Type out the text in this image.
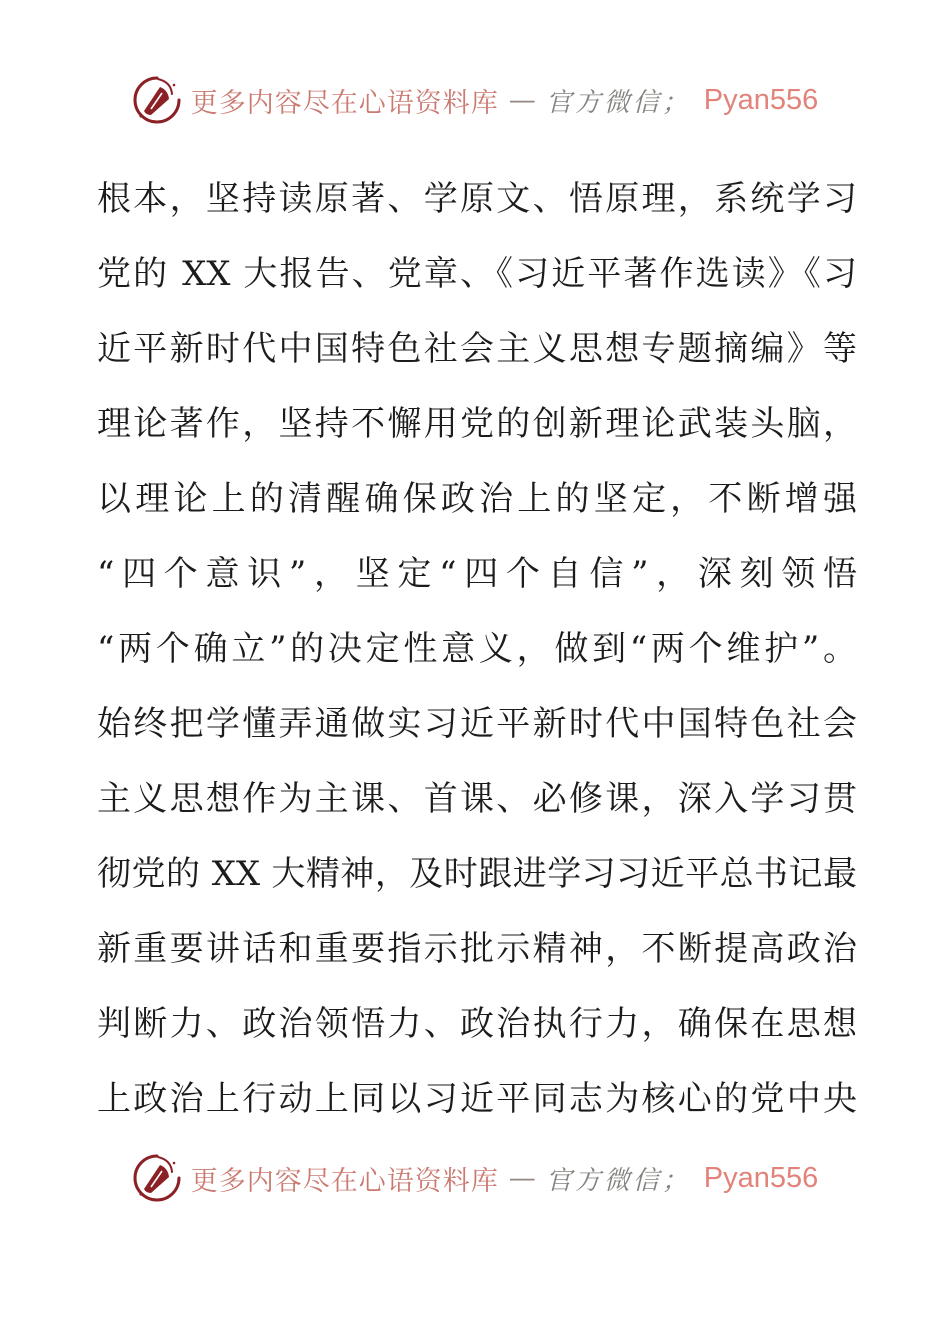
更多内容尽在心语资料库 — 官方微信； Pyan556
根本，坚持读原著、学原文、悟原理，系统学习
党的 XX 大报告、党章、《习近平著作选读》《习
近平新时代中国特色社会主义思想专题摘编》等
理论著作，坚持不懈用党的创新理论武装头脑，
以理论上的清醒确保政治上的坚定，不断增强
“四个意识”，坚定“四个自信”，深刻领悟
“两个确立”的决定性意义，做到“两个维护”。
始终把学懂弄通做实习近平新时代中国特色社会
主义思想作为主课、首课、必修课，深入学习贯
彻党的 XX 大精神，及时跟进学习习近平总书记最
新重要讲话和重要指示批示精神，不断提高政治
判断力、政治领悟力、政治执行力，确保在思想
上政治上行动上同以习近平同志为核心的党中央
更多内容尽在心语资料库 — 官方微信； Pyan556
